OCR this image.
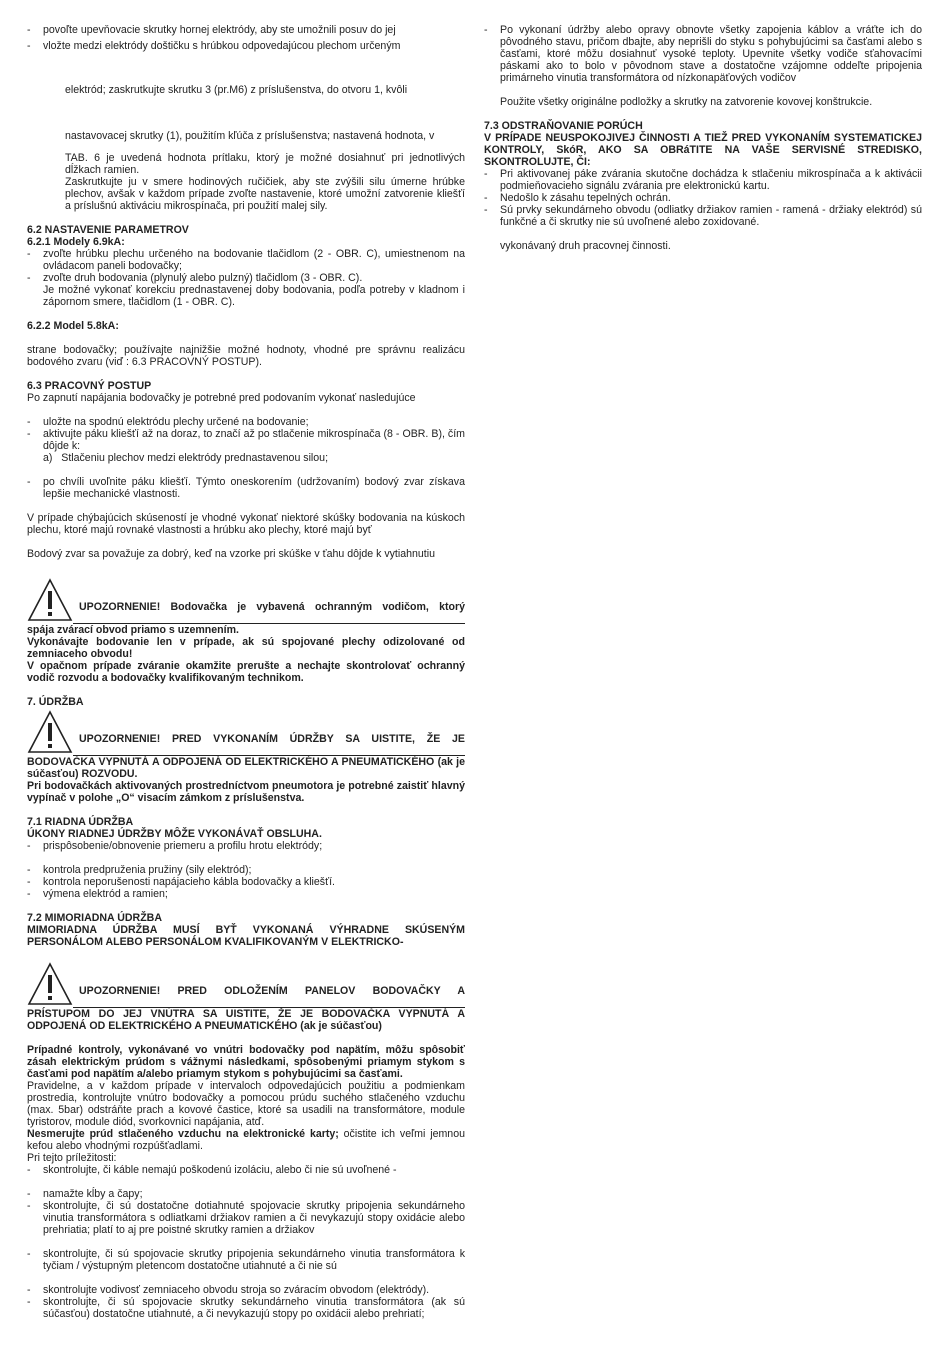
- povoľte upevňovacie skrutky hornej elektródy, aby ste umožnili posuv do jej

- vložte medzi elektródy doštičku s hrúbkou odpovedajúcou plechom určeným

elektród; zaskrutkujte skrutku 3 (pr.M6) z príslušenstva, do otvoru 1, kvôli

nastavovacej skrutky (1), použitím kľúča z príslušenstva; nastavená hodnota, v

TAB. 6 je uvedená hodnota prítlaku, ktorý je možné dosiahnuť pri jednotlivých dĺžkach ramien.

Zaskrutkujte ju v smere hodinových ručičiek, aby ste zvýšili silu úmerne hrúbke plechov, avšak v každom prípade zvoľte nastavenie, ktoré umožní zatvorenie kliešťí a príslušnú aktiváciu mikrospínača, pri použití malej sily.

6.2 NASTAVENIE PARAMETROV

6.2.1 Modely 6.9kA:

- zvoľte hrúbku plechu určeného na bodovanie tlačidlom (2 - OBR. C), umiestnenom na ovládacom paneli bodovačky;

- zvoľte druh bodovania (plynulý alebo pulzný) tlačidlom (3 - OBR. C).

Je možné vykonať korekciu prednastavenej doby bodovania, podľa potreby v kladnom i zápornom smere, tlačidlom (1 - OBR. C).

6.2.2 Model 5.8kA:

strane bodovačky; používajte najnižšie možné hodnoty, vhodné pre správnu realizácu bodového zvaru (viď : 6.3 PRACOVNÝ POSTUP).

6.3 PRACOVNÝ POSTUP

Po zapnutí napájania bodovačky je potrebné pred podovaním vykonať nasledujúce

- uložte na spodnú elektródu plechy určené na bodovanie;

- aktivujte páku kliešťí až na doraz, to značí až po stlačenie mikrospínača (8 - OBR. B), čím dôjde k:

a)   Stlačeniu plechov medzi elektródy prednastavenou silou;

- po chvíli uvoľnite páku kliešťí. Týmto oneskorením (udržovaním) bodový zvar získava lepšie mechanické vlastnosti.

V prípade chýbajúcich skúseností je vhodné vykonať niektoré skúšky bodovania na kúskoch plechu, ktoré majú rovnaké vlastnosti a hrúbku ako plechy, ktoré majú byť

Bodový zvar sa považuje za dobrý, keď na vzorke pri skúške v ťahu dôjde k vytiahnutiu

UPOZORNENIE! Bodovačka je vybavená ochranným vodičom, ktorý

spája zvárací obvod priamo s uzemnením.

Vykonávajte bodovanie len v prípade, ak sú spojované plechy odizolované od zemniaceho obvodu!

V opačnom prípade zváranie okamžite prerušte a nechajte skontrolovať ochranný vodič rozvodu a bodovačky kvalifikovaným technikom.

7. ÚDRŽBA

UPOZORNENIE! PRED VYKONANÍM ÚDRŽBY SA UISTITE, ŽE JE

BODOVAČKA VYPNUTÁ A ODPOJENÁ OD ELEKTRICKÉHO A PNEUMATICKÉHO (ak je súčasťou) ROZVODU.

Pri bodovačkách aktivovaných prostredníctvom pneumotora je potrebné zaistiť hlavný vypínač v polohe „O“ visacím zámkom z príslušenstva.

7.1 RIADNA ÚDRŽBA

ÚKONY RIADNEJ ÚDRŽBY MÔŽE VYKONÁVAŤ OBSLUHA.

- prispôsobenie/obnovenie priemeru a profilu hrotu elektródy;

- kontrola predpruženia pružiny (sily elektród);

- kontrola neporušenosti napájacieho kábla bodovačky a kliešťí.

- výmena elektród a ramien;

7.2 MIMORIADNA ÚDRŽBA

MIMORIADNA ÚDRŽBA MUSÍ BYŤ VYKONANÁ VÝHRADNE SKÚSENÝM PERSONÁLOM ALEBO PERSONÁLOM KVALIFIKOVANÝM V ELEKTRICKO-

UPOZORNENIE! PRED ODLOŽENÍM PANELOV BODOVAČKY A

PRÍSTUPOM DO JEJ VNÚTRA SA UISTITE, ŽE JE BODOVAČKA VYPNUTÁ A ODPOJENÁ OD ELEKTRICKÉHO A PNEUMATICKÉHO (ak je súčasťou)

Prípadné kontroly, vykonávané vo vnútri bodovačky pod napätím, môžu spôsobiť zásah elektrickým prúdom s vážnymi následkami, spôsobenými priamym stykom s časťami pod napätím a/alebo priamym stykom s pohybujúcimi sa časťami.

Pravidelne, a v každom prípade v intervaloch odpovedajúcich použitiu a podmienkam prostredia, kontrolujte vnútro bodovačky a pomocou prúdu suchého stlačeného vzduchu (max. 5bar) odstráňte prach a kovové častice, ktoré sa usadili na transformátore, module tyristorov, module diód, svorkovnici napájania, atď.

Nesmerujte prúd stlačeného vzduchu na elektronické karty; očistite ich veľmi jemnou kefou alebo vhodnými rozpúšťadlami.

Pri tejto príležitosti:

- skontrolujte, či káble nemajú poškodenú izoláciu, alebo či nie sú uvoľnené -

- namažte kĺby a čapy;

- skontrolujte, či sú dostatočne dotiahnuté spojovacie skrutky pripojenia sekundárneho vinutia transformátora s odliatkami držiakov ramien a či nevykazujú stopy oxidácie alebo prehriatia; platí to aj pre poistné skrutky ramien a držiakov

- skontrolujte, či sú spojovacie skrutky pripojenia sekundárneho vinutia transformátora k tyčiam / výstupným pletencom dostatočne utiahnuté a či nie sú

- skontrolujte vodivosť zemniaceho obvodu stroja so zváracím obvodom (elektródy).

- skontrolujte, či sú spojovacie skrutky sekundárneho vinutia transformátora (ak sú súčasťou) dostatočne utiahnuté, a či nevykazujú stopy po oxidácii alebo prehriatí;

- Po vykonaní údržby alebo opravy obnovte všetky zapojenia káblov a vráťte ich do pôvodného stavu, pričom dbajte, aby neprišli do styku s pohybujúcimi sa časťami alebo s časťami, ktoré môžu dosiahnuť vysoké teploty. Upevnite všetky vodiče sťahovacími páskami ako to bolo v pôvodnom stave a dostatočne vzájomne oddeľte pripojenia primárneho vinutia transformátora od nízkonapäťových vodičov

Použite všetky originálne podložky a skrutky na zatvorenie kovovej konštrukcie.

7.3 ODSTRAŇOVANIE PORÚCH

V PRÍPADE NEUSPOKOJIVEJ ČINNOSTI A TIEŽ PRED VYKONANÍM SYSTEMATICKEJ KONTROLY, SkóR, AKO SA OBRáTITE NA VAŠE SERVISNÉ STREDISKO, SKONTROLUJTE, ČI:

- Pri aktivovanej páke zvárania skutočne dochádza k stlačeniu mikrospínača a k aktivácii podmieňovacieho signálu zvárania pre elektronickú kartu.

- Nedošlo k zásahu tepelných ochrán.

- Sú prvky sekundárneho obvodu (odliatky držiakov ramien - ramená - držiaky elektród) sú funkčné a či skrutky nie sú uvoľnené alebo zoxidované.

vykonávaný druh pracovnej činnosti.
